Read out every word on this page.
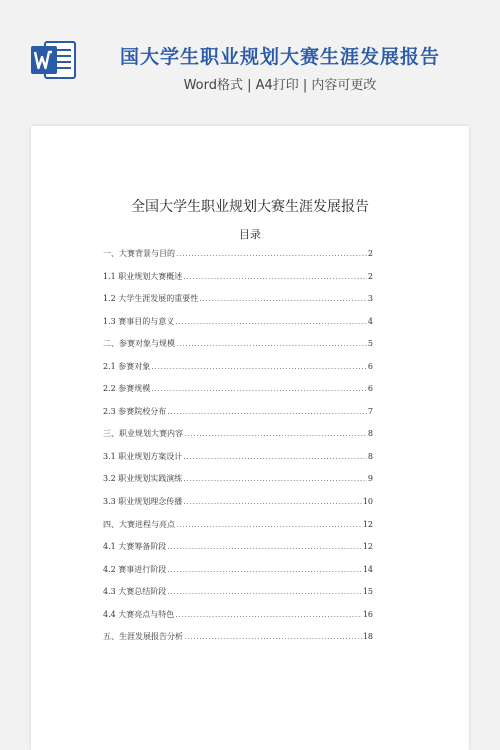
国大学生职业规划大赛生涯发展报告
Word格式 | A4打印 | 内容可更改
全国大学生职业规划大赛生涯发展报告
目录
一、大赛背景与目的 .....	2
1.1 职业规划大赛概述 .....	2
1.2 大学生涯发展的重要性 .....	3
1.3 赛事目的与意义 .....	4
二、参赛对象与规模 .....	5
2.1 参赛对象 .....	6
2.2 参赛规模 .....	6
2.3 参赛院校分布 .....	7
三、职业规划大赛内容 .....	8
3.1 职业规划方案设计 .....	8
3.2 职业规划实践演练 .....	9
3.3 职业规划理念传播 .....	10
四、大赛进程与亮点 .....	12
4.1 大赛筹备阶段 .....	12
4.2 赛事进行阶段 .....	14
4.3 大赛总结阶段 .....	15
4.4 大赛亮点与特色 .....	16
五、生涯发展报告分析 .....	18
